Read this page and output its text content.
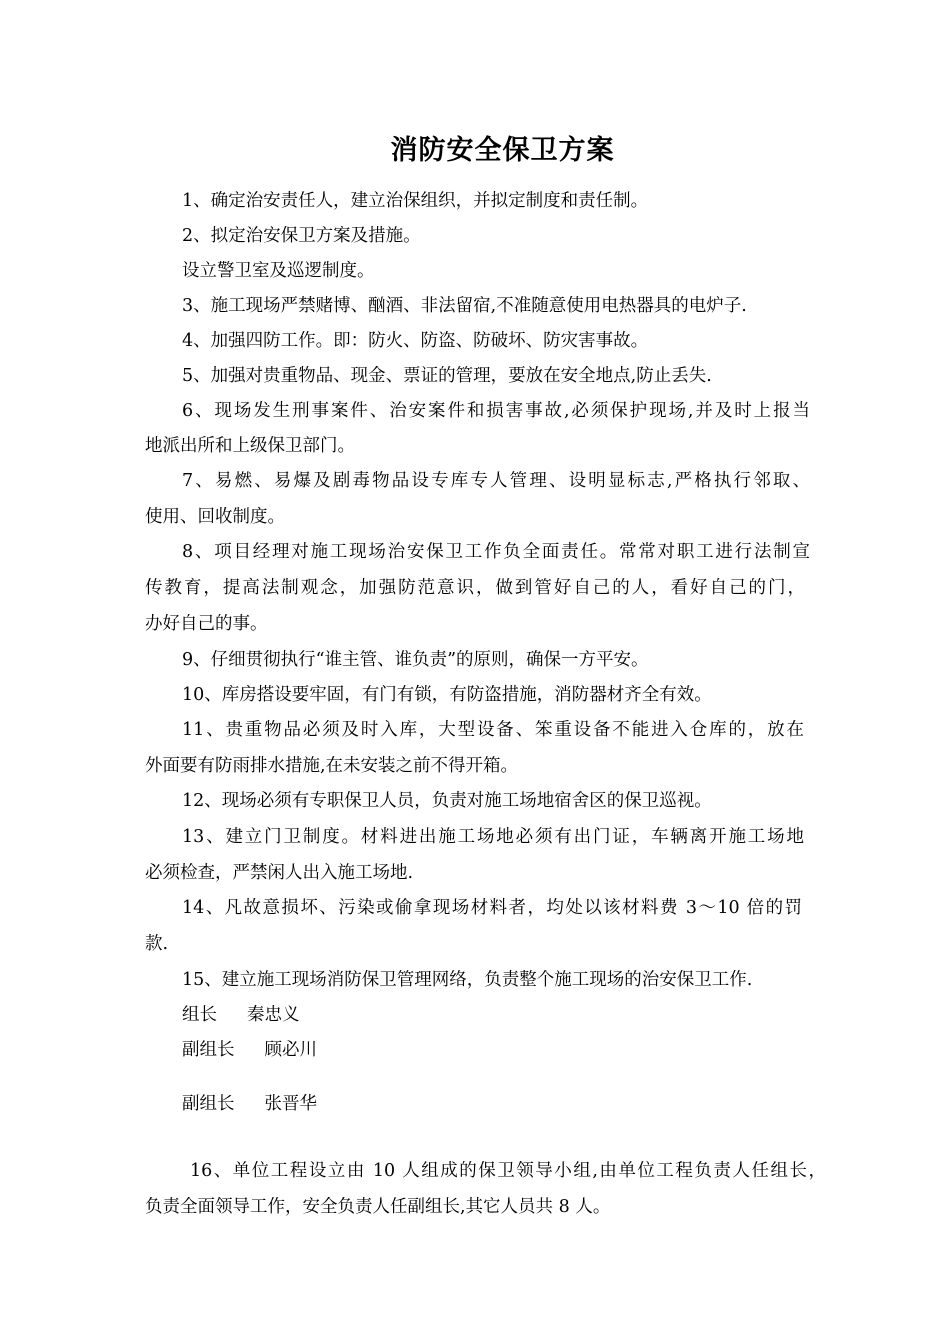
消防安全保卫方案
1、确定治安责任人，建立治保组织，并拟定制度和责任制。
2、拟定治安保卫方案及措施。
设立警卫室及巡逻制度。
3、施工现场严禁赌博、酗酒、非法留宿,不准随意使用电热器具的电炉子.
4、加强四防工作。即：防火、防盗、防破坏、防灾害事故。
5、加强对贵重物品、现金、票证的管理，要放在安全地点,防止丢失.
6、现场发生刑事案件、治安案件和损害事故,必须保护现场,并及时上报当
地派出所和上级保卫部门。
7、易燃、易爆及剧毒物品设专库专人管理、设明显标志,严格执行邻取、
使用、回收制度。
8、项目经理对施工现场治安保卫工作负全面责任。常常对职工进行法制宣
传教育，提高法制观念，加强防范意识，做到管好自己的人，看好自己的门，
办好自己的事。
9、仔细贯彻执行“谁主管、谁负责”的原则，确保一方平安。
10、库房搭设要牢固，有门有锁，有防盗措施，消防器材齐全有效。
11、贵重物品必须及时入库，大型设备、笨重设备不能进入仓库的，放在
外面要有防雨排水措施,在未安装之前不得开箱。
12、现场必须有专职保卫人员，负责对施工场地宿舍区的保卫巡视。
13、建立门卫制度。材料进出施工场地必须有出门证，车辆离开施工场地
必须检查，严禁闲人出入施工场地.
14、凡故意损坏、污染或偷拿现场材料者，均处以该材料费 3～10 倍的罚
款.
15、建立施工现场消防保卫管理网络，负责整个施工现场的治安保卫工作.
组长 秦忠义
副组长 顾必川
副组长 张晋华
16、单位工程设立由 10 人组成的保卫领导小组,由单位工程负责人任组长，
负责全面领导工作，安全负责人任副组长,其它人员共 8 人。
